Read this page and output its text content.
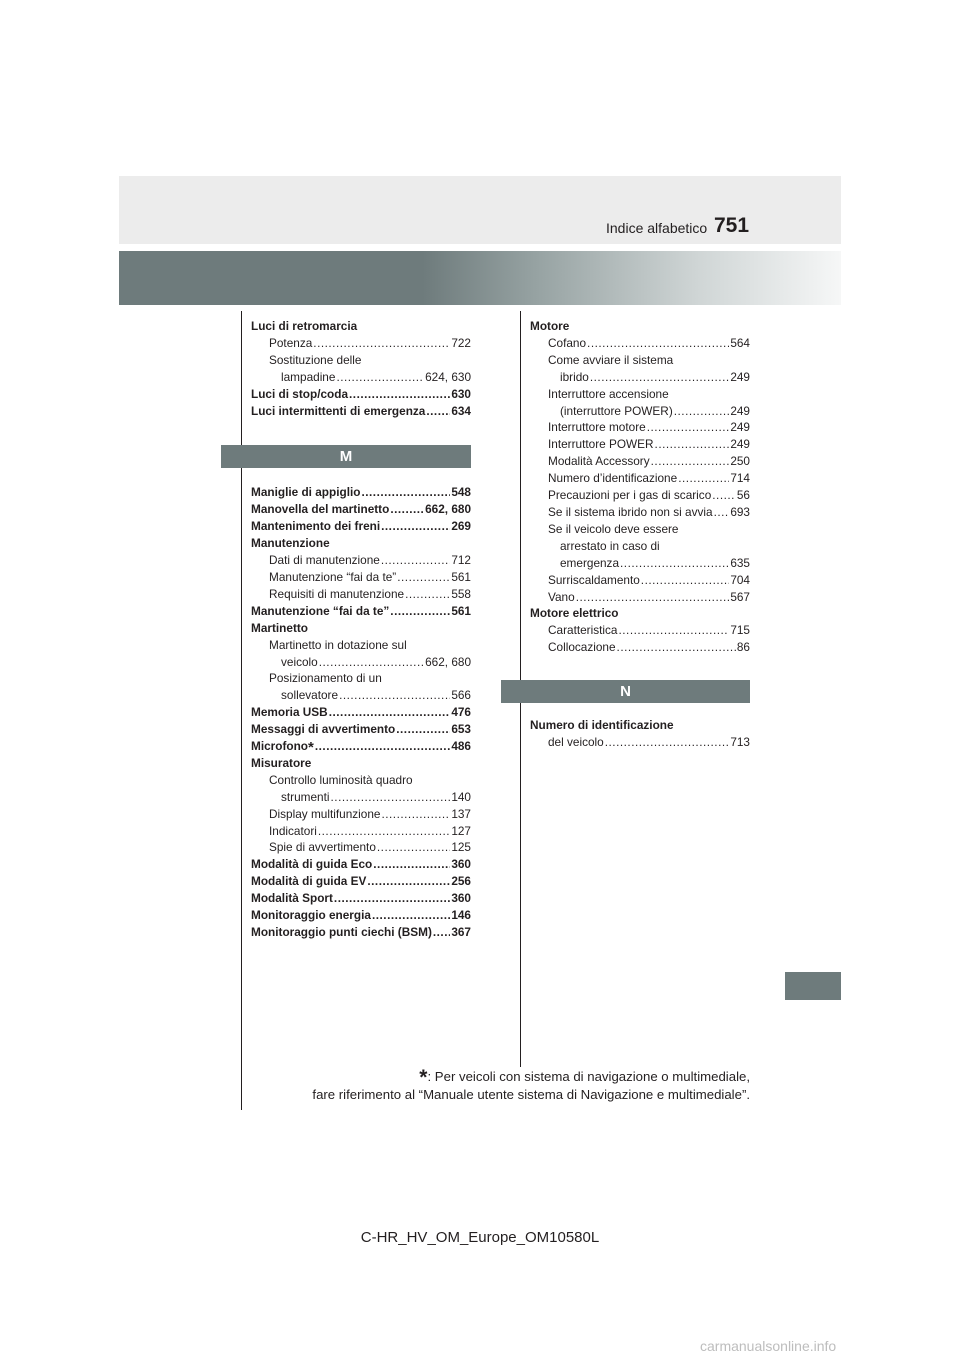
751
Indice alfabetico
Luci di retromarcia
Potenza .....	722
Sostituzione delle
lampadine .....	624, 630
Luci di stop/coda .....	630
Luci intermittenti di emergenza ..... 634
M
Maniglie di appiglio .....	548
Manovella del martinetto .....	662, 680
Mantenimento dei freni .....	269
Manutenzione
Dati di manutenzione .....	712
Manutenzione “fai da te” .....	561
Requisiti di manutenzione .....	558
Manutenzione “fai da te” .....	561
Martinetto
Martinetto in dotazione sul
veicolo .....	662, 680
Posizionamento di un
sollevatore .....	566
Memoria USB .....	476
Messaggi di avvertimento .....	653
Microfono* .....	486
Misuratore
Controllo luminosità quadro
strumenti .....	140
Display multifunzione .....	137
Indicatori .....	127
Spie di avvertimento .....	125
Modalità di guida Eco .....	360
Modalità di guida EV .....	256
Modalità Sport .....	360
Monitoraggio energia .....	146
Monitoraggio punti ciechi (BSM) ..... 367
Motore
Cofano .....	564
Come avviare il sistema
ibrido .....	249
Interruttore accensione
(interruttore POWER) .....	249
Interruttore motore .....	249
Interruttore POWER .....	249
Modalità Accessory .....	250
Numero d’identificazione .....	714
Precauzioni per i gas di scarico ..... 56
Se il sistema ibrido non si avvia ..... 693
Se il veicolo deve essere
arrestato in caso di
emergenza .....	635
Surriscaldamento .....	704
Vano .....	567
Motore elettrico
Caratteristica .....	715
Collocazione .....	86
N
Numero di identificazione
del veicolo .....	713
*: Per veicoli con sistema di navigazione o multimediale,
fare riferimento al “Manuale utente sistema di Navigazione e multimediale”.
C-HR_HV_OM_Europe_OM10580L
carmanualsonline.info
